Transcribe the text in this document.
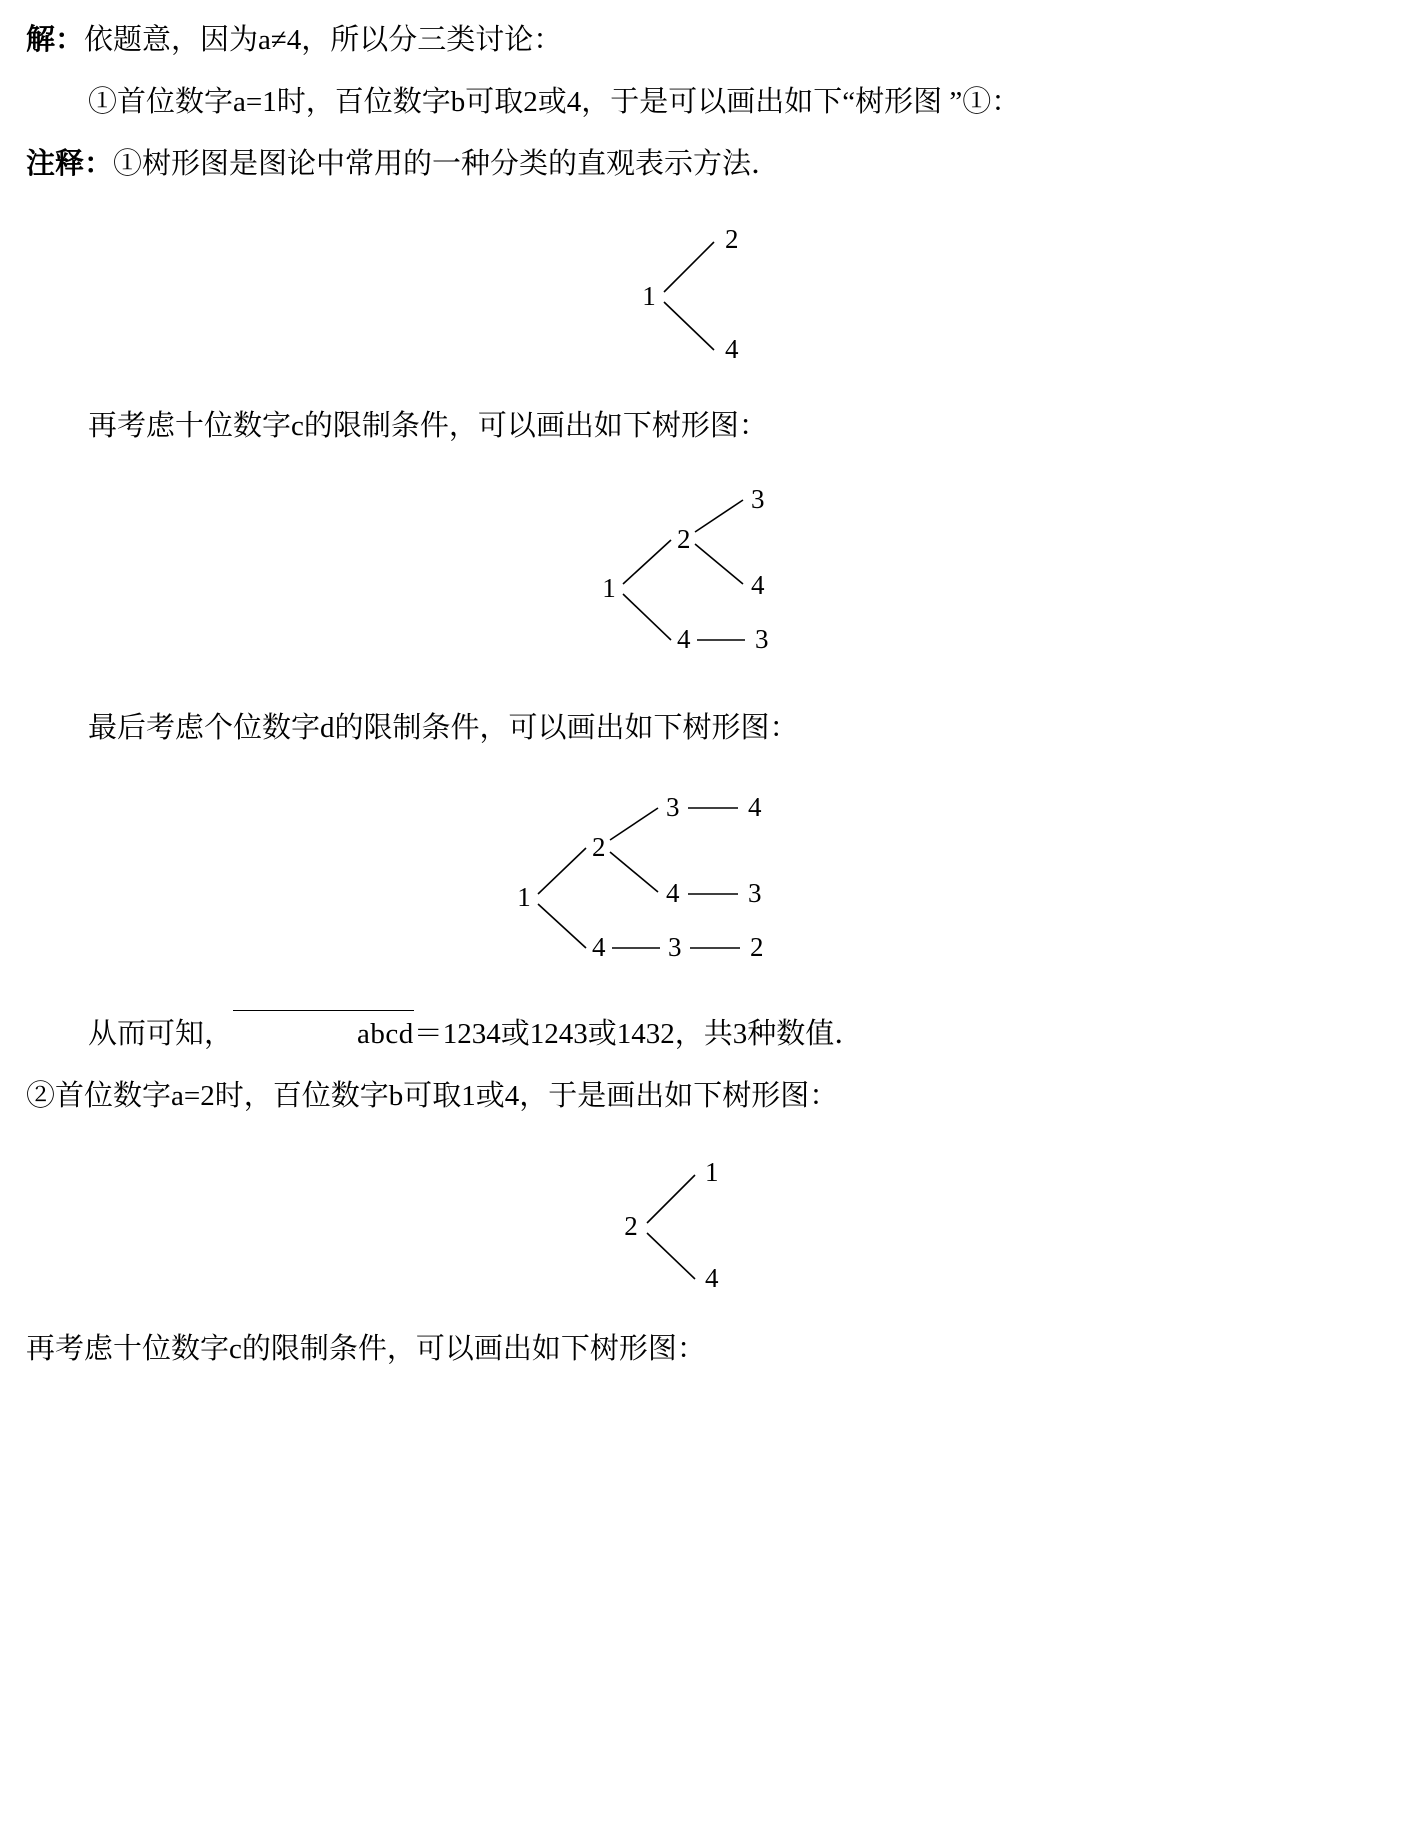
解：依题意，因为a≠4，所以分三类讨论：

①首位数字a=1时，百位数字b可取2或4，于是可以画出如下“树形图 ”①：

注释：①树形图是图论中常用的一种分类的直观表示方法．

1
2
4

再考虑十位数字c的限制条件，可以画出如下树形图：

1
2
4
3
4
3

最后考虑个位数字d的限制条件，可以画出如下树形图：

1
2
4
3
4
4
3
3	2

从而可知，	abcd＝1234或1243或1432，共3种数值．

②首位数字a=2时，百位数字b可取1或4，于是画出如下树形图：

2
1
4

再考虑十位数字c的限制条件，可以画出如下树形图：
